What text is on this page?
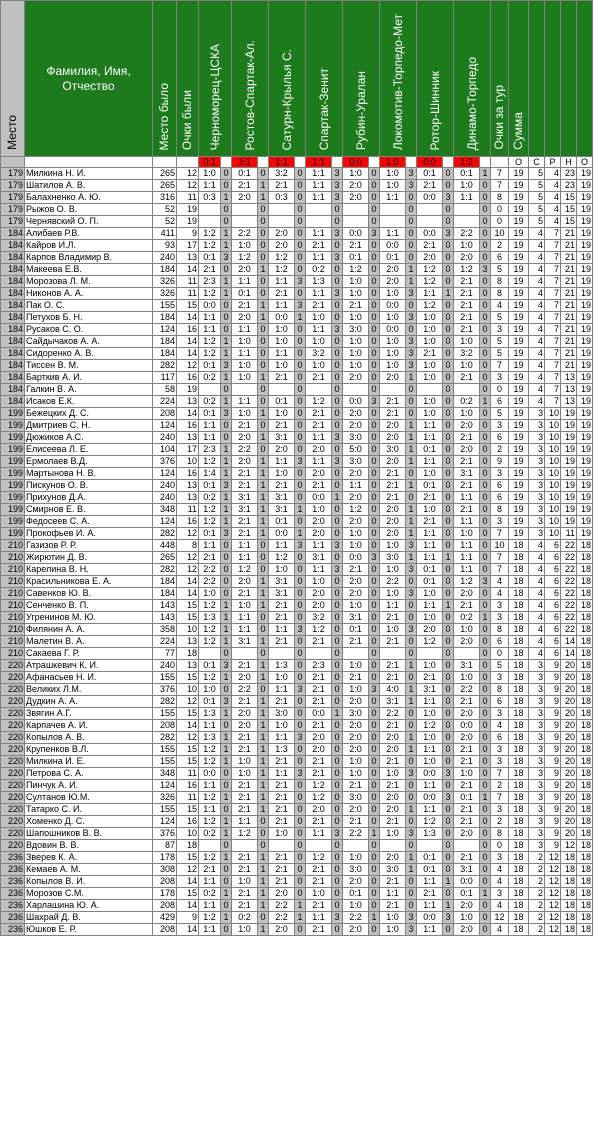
Место	Фамилия, Имя, Отчество	Место было	Очки были	Черноморец-ЦСКА		Ростов-Спартак-Ал.		Сатурн-Крылья С.		Спартак-Зенит		Рубин-Уралан		Локомотив-Торпедо-Мет		Ротор-Шинник		Динамо-Торпедо		Очки за тур	Сумма				
				0:1		3:1		1:1		1:1		0:0		1:0		0:0		1:2			О	С	Р	Н	О
179	Милкина Н. И.	265	12	1:0	0	0:1	0	3:2	0	1:1	3	1:0	0	1:0	3	0:1	0	0:1	1	7	19	5	4	23	19
179	Шатилов А. В.	265	12	1:1	0	2:1	1	2:1	0	1:1	3	2:0	0	1:0	3	2:1	0	1:0	0	7	19	5	4	23	19
179	Балахненко А. Ю.	316	11	0:3	1	2:0	1	0:3	0	1:1	3	2:0	0	1:1	0	0:0	3	1:1	0	8	19	5	4	15	19
179	Рыжов О. В.	52	19		0		0		0		0		0		0		0		0	0	19	5	4	15	19
179	Чернявский О. П.	52	19		0		0		0		0		0		0		0		0	0	19	5	4	15	19
184	Алибаев Р.В.	411	9	1:2	1	2:2	0	2:0	0	1:1	3	0:0	3	1:1	0	0:0	3	2:2	0	10	19	4	7	21	19
184	Кайров И.Л.	93	17	1:2	1	1:0	0	2:0	0	2:1	0	2:1	0	0:0	0	2:1	0	1:0	0	2	19	4	7	21	19
184	Карпов Владимир В.	240	13	0:1	3	1:2	0	1:2	0	1:1	3	0:1	0	0:1	0	2:0	0	2:0	0	6	19	4	7	21	19
184	Макеева Е.В.	184	14	2:1	0	2:0	1	1:2	0	0:2	0	1:2	0	2:0	1	1:2	0	1:2	3	5	19	4	7	21	19
184	Морозова Л. М.	326	11	2:3	1	1:1	0	1:1	3	1:3	0	1:0	0	2:0	1	1:2	0	2:1	0	8	19	4	7	21	19
184	Никонов А. А.	326	11	1:2	1	0:1	0	2:1	0	1:1	3	1:0	0	1:0	3	1:1	1	2:1	0	8	19	4	7	21	19
184	Пак О. С.	155	15	0:0	0	2:1	1	1:1	3	2:1	0	2:1	0	0:0	0	1:2	0	2:1	0	4	19	4	7	21	19
184	Петухов Б. Н.	184	14	1:1	0	2:0	1	0:0	1	1:0	0	1:0	0	1:0	3	1:0	0	2:1	0	5	19	4	7	21	19
184	Русаков С. О.	124	16	1:1	0	1:1	0	1:0	0	1:1	3	3:0	0	0:0	0	1:0	0	2:1	0	3	19	4	7	21	19
184	Сайдычаков А. А.	184	14	1:2	1	1:0	0	1:0	0	1:0	0	1:0	0	1:0	3	1:0	0	1:0	0	5	19	4	7	21	19
184	Сидоренко А. В.	184	14	1:2	1	1:1	0	1:1	0	3:2	0	1:0	0	1:0	3	2:1	0	3:2	0	5	19	4	7	21	19
184	Тиссен В. М.	282	12	0:1	3	1:0	0	1:0	0	1:0	0	1:0	0	1:0	3	1:0	0	1:0	0	7	19	4	7	21	19
184	Барткив А. И.	117	16	0:2	1	1:0	1	2:1	0	2:1	0	2:0	0	2:0	1	1:0	0	2:1	0	3	19	4	7	13	19
184	Галкин В. А.	58	19		0		0		0		0		0		0		0		0	0	19	4	7	13	19
184	Исаков Е.К.	224	13	0:2	1	1:1	0	0:1	0	1:2	0	0:0	3	2:1	0	1:0	0	0:2	1	6	19	4	7	13	19
199	Бежецких Д. С.	208	14	0:1	3	1:0	1	1:0	0	2:1	0	2:0	0	2:1	0	1:0	0	1:0	0	5	19	3	10	19	19
199	Дмитриев С. Н.	124	16	1:1	0	2:1	0	2:1	0	2:1	0	2:0	0	2:0	1	1:1	0	2:0	0	3	19	3	10	19	19
199	Дюжиков А.С.	240	13	1:1	0	2:0	1	3:1	0	1:1	3	3:0	0	2:0	1	1:1	0	2:1	0	6	19	3	10	19	19
199	Елисеева Л. Е.	104	17	2:3	1	2:2	0	2:0	0	2:0	0	5:0	0	3:0	1	0:1	0	2:0	0	2	19	3	10	19	19
199	Ермолаев В.Д.	376	10	1:2	1	2:0	1	1:1	3	1:1	3	3:0	0	2:0	1	1:1	0	2:1	0	9	19	3	10	19	19
199	Мартынова Н. В.	124	16	1:4	1	2:1	1	1:0	0	2:0	0	2:0	0	2:1	0	1:0	0	3:1	0	3	19	3	10	19	19
199	Пискунов О. В.	240	13	0:1	3	2:1	1	2:1	0	2:1	0	1:1	0	2:1	1	0:1	0	2:1	0	6	19	3	10	19	19
199	Прихунов Д.А.	240	13	0:2	1	3:1	1	3:1	0	0:0	1	2:0	0	2:1	0	2:1	0	1:1	0	6	19	3	10	19	19
199	Смирнов Е. В.	348	11	1:2	1	3:1	1	3:1	1	1:0	0	1:2	0	2:0	1	1:0	0	2:1	0	8	19	3	10	19	19
199	Федосеев С. А.	124	16	1:2	1	2:1	1	0:1	0	2:0	0	2:0	0	2:0	1	2:1	0	1:1	0	3	19	3	10	19	19
199	Прокофьев И. А.	282	12	0:1	3	2:1	1	0:0	1	2:0	0	1:0	0	2:0	1	1:1	0	1:0	0	7	19	3	10	11	19
210	Газизов Р. Р.	448	8	1:1	0	1:1	0	1:1	3	1:1	3	1:0	0	1:0	3	1:1	0	1:1	0	10	18	4	6	22	18
210	Жирютин Д. В.	265	12	2:1	0	1:1	0	1:2	0	3:1	0	0:0	3	3:0	1	1:1	1	1:1	0	7	18	4	6	22	18
210	Карелина В. Н.	282	12	2:2	0	1:2	0	1:0	0	1:1	3	2:1	0	1:0	3	0:1	0	1:1	0	7	18	4	6	22	18
210	Красильникова Е. А.	184	14	2:2	0	2:0	1	3:1	0	1:0	0	2:0	0	2:2	0	0:1	0	1:2	3	4	18	4	6	22	18
210	Савенков Ю. В.	184	14	1:0	0	2:1	1	3:1	0	2:0	0	2:0	0	1:0	3	1:0	0	2:0	0	4	18	4	6	22	18
210	Сенченко В. П.	143	15	1:2	1	1:0	1	2:1	0	2:0	0	1:0	0	1:1	0	1:1	1	2:1	0	3	18	4	6	22	18
210	Угренинов М. Ю.	143	15	1:3	1	1:1	0	2:1	0	3:2	0	3:1	0	2:1	0	1:0	0	0:2	1	3	18	4	6	22	18
210	Филянин А. А.	358	10	1:2	1	1:1	0	1:1	3	1:2	0	0:1	0	1:0	3	2:0	0	1:0	0	8	18	4	6	22	18
210	Малетин В. А.	224	13	1:2	1	3:1	1	2:1	0	2:1	0	2:1	0	2:1	0	1:2	0	2:0	0	6	18	4	6	14	18
210	Сакаева Г. Р.	77	18		0		0		0		0		0		0		0		0	0	18	4	6	14	18
220	Атрашкевич К. И.	240	13	0:1	3	2:1	1	1:3	0	2:3	0	1:0	0	2:1	1	1:0	0	3:1	0	5	18	3	9	20	18
220	Афанасьев Н. И.	155	15	1:2	1	2:0	1	1:0	0	2:1	0	2:1	0	2:1	0	2:1	0	1:0	0	3	18	3	9	20	18
220	Великих Л.М.	376	10	1:0	0	2:2	0	1:1	3	2:1	0	1:0	3	4:0	1	3:1	0	2:2	0	8	18	3	9	20	18
220	Дудкин А. А.	282	12	0:1	3	2:1	1	2:1	0	2:1	0	2:0	0	3:1	1	1:1	0	2:1	0	6	18	3	9	20	18
220	Звягин А.Г.	155	15	1:3	1	2:0	1	3:0	0	0:0	1	3:0	0	2:2	0	1:0	0	2:0	0	3	18	3	9	20	18
220	Карпачев А. И.	208	14	1:1	0	2:0	1	1:0	0	2:1	0	2:0	0	2:1	0	1:2	0	0:0	0	4	18	3	9	20	18
220	Копылов А. В.	282	12	1:3	1	2:1	1	1:1	3	2:0	0	2:0	0	2:0	1	1:0	0	2:0	0	6	18	3	9	20	18
220	Крупенков В.Л.	155	15	1:2	1	2:1	1	1:3	0	2:0	0	2:0	0	2:0	1	1:1	0	2:1	0	3	18	3	9	20	18
220	Милкина И. Е.	155	15	1:2	1	1:0	1	2:1	0	2:1	0	1:0	0	2:1	0	1:0	0	2:1	0	3	18	3	9	20	18
220	Петрова С. А.	348	11	0:0	0	1:0	1	1:1	3	2:1	0	1:0	0	1:0	3	0:0	3	1:0	0	7	18	3	9	20	18
220	Пинчук А. И.	124	16	1:1	0	2:1	1	2:1	0	1:2	0	2:1	0	2:1	0	1:1	0	2:1	0	2	18	3	9	20	18
220	Султанов Ю.М.	326	11	1:2	1	2:1	1	2:1	0	1:2	0	3:0	0	2:0	0	0:0	3	0:1	1	7	18	3	9	20	18
220	Татарко С. И.	155	15	1:1	0	2:1	1	2:1	0	2:0	0	2:0	0	2:0	1	1:1	0	2:1	0	3	18	3	9	20	18
220	Хоменко Д. С.	124	16	1:2	1	1:1	0	2:1	0	2:1	0	2:1	0	2:1	0	1:2	0	2:1	0	2	18	3	9	20	18
220	Шапошников В. В.	376	10	0:2	1	1:2	0	1:0	0	1:1	3	2:2	1	1:0	3	1:3	0	2:0	0	8	18	3	9	20	18
220	Вдовин В. В.	87	18		0		0		0		0		0		0		0		0	0	18	3	9	12	18
236	Зверев К. А.	178	15	1:2	1	2:1	1	2:1	0	1:2	0	1:0	0	2:0	1	0:1	0	2:1	0	3	18	2	12	18	18
236	Кемаев А. М.	308	12	2:1	0	2:1	1	2:1	0	2:1	0	3:0	0	3:0	1	0:1	0	3:1	0	4	18	2	12	18	18
236	Копылов В. И.	208	14	1:1	0	1:0	1	2:1	0	2:1	0	2:0	0	2:1	0	1:1	1	0:0	0	4	18	2	12	18	18
236	Морозов С.М.	178	15	0:2	1	2:1	1	2:0	0	1:0	0	0:1	0	1:1	0	2:1	0	0:1	1	3	18	2	12	18	18
236	Харлашина Ю. А.	208	14	1:1	0	2:1	1	2:2	1	2:1	0	1:0	0	2:1	0	1:1	1	2:0	0	4	18	2	12	18	18
236	Шахрай Д. В.	429	9	1:2	1	0:2	0	2:2	1	1:1	3	2:2	1	1:0	3	0:0	3	1:0	0	12	18	2	12	18	18
236	Юшков Е. Р.	208	14	1:1	0	1:0	1	2:0	0	2:1	0	2:0	0	1:0	3	1:1	0	2:0	0	4	18	2	12	18	18
